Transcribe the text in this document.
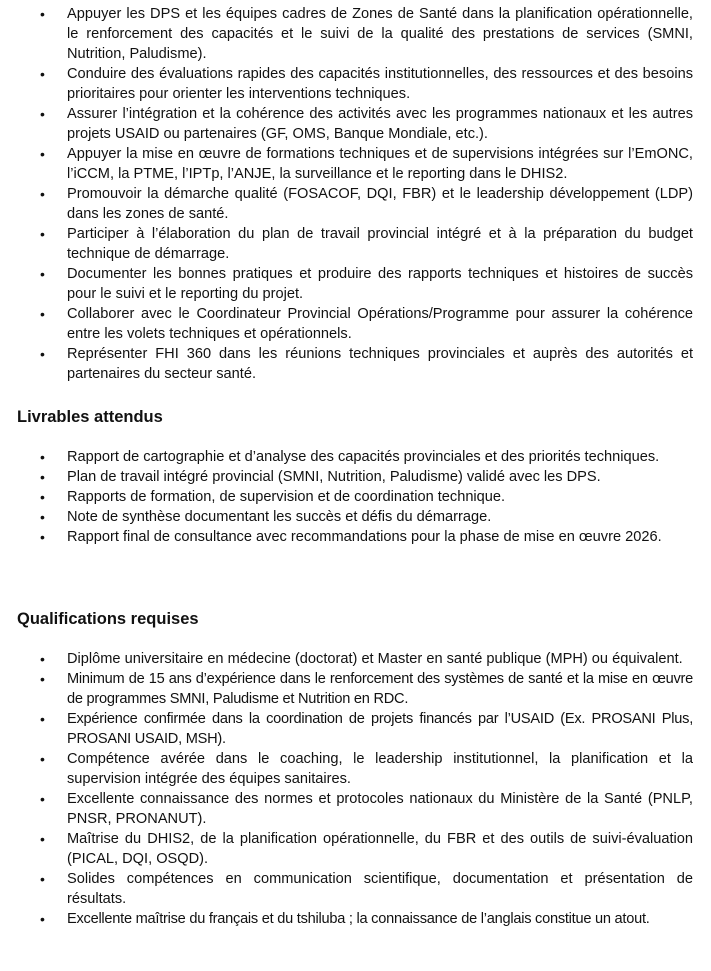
• Appuyer les DPS et les équipes cadres de Zones de Santé dans la planification opérationnelle, le renforcement des capacités et le suivi de la qualité des prestations de services (SMNI, Nutrition, Paludisme).
• Conduire des évaluations rapides des capacités institutionnelles, des ressources et des besoins prioritaires pour orienter les interventions techniques.
• Assurer l’intégration et la cohérence des activités avec les programmes nationaux et les autres projets USAID ou partenaires (GF, OMS, Banque Mondiale, etc.).
• Appuyer la mise en œuvre de formations techniques et de supervisions intégrées sur l’EmONC, l’iCCM, la PTME, l’IPTp, l’ANJE, la surveillance et le reporting dans le DHIS2.
• Promouvoir la démarche qualité (FOSACOF, DQI, FBR) et le leadership développement (LDP) dans les zones de santé.
• Participer à l’élaboration du plan de travail provincial intégré et à la préparation du budget technique de démarrage.
• Documenter les bonnes pratiques et produire des rapports techniques et histoires de succès pour le suivi et le reporting du projet.
• Collaborer avec le Coordinateur Provincial Opérations/Programme pour assurer la cohérence entre les volets techniques et opérationnels.
• Représenter FHI 360 dans les réunions techniques provinciales et auprès des autorités et partenaires du secteur santé.
Livrables attendus
• Rapport de cartographie et d’analyse des capacités provinciales et des priorités techniques.
• Plan de travail intégré provincial (SMNI, Nutrition, Paludisme) validé avec les DPS.
• Rapports de formation, de supervision et de coordination technique.
• Note de synthèse documentant les succès et défis du démarrage.
• Rapport final de consultance avec recommandations pour la phase de mise en œuvre 2026.
Qualifications requises
• Diplôme universitaire en médecine (doctorat) et Master en santé publique (MPH) ou équivalent.
• Minimum de 15 ans d’expérience dans le renforcement des systèmes de santé et la mise en œuvre de programmes SMNI, Paludisme et Nutrition en RDC.
• Expérience confirmée dans la coordination de projets financés par l’USAID (Ex. PROSANI Plus, PROSANI USAID, MSH).
• Compétence avérée dans le coaching, le leadership institutionnel, la planification et la supervision intégrée des équipes sanitaires.
• Excellente connaissance des normes et protocoles nationaux du Ministère de la Santé (PNLP, PNSR, PRONANUT).
• Maîtrise du DHIS2, de la planification opérationnelle, du FBR et des outils de suivi-évaluation (PICAL, DQI, OSQD).
• Solides compétences en communication scientifique, documentation et présentation de résultats.
• Excellente maîtrise du français et du tshiluba ; la connaissance de l’anglais constitue un atout.
